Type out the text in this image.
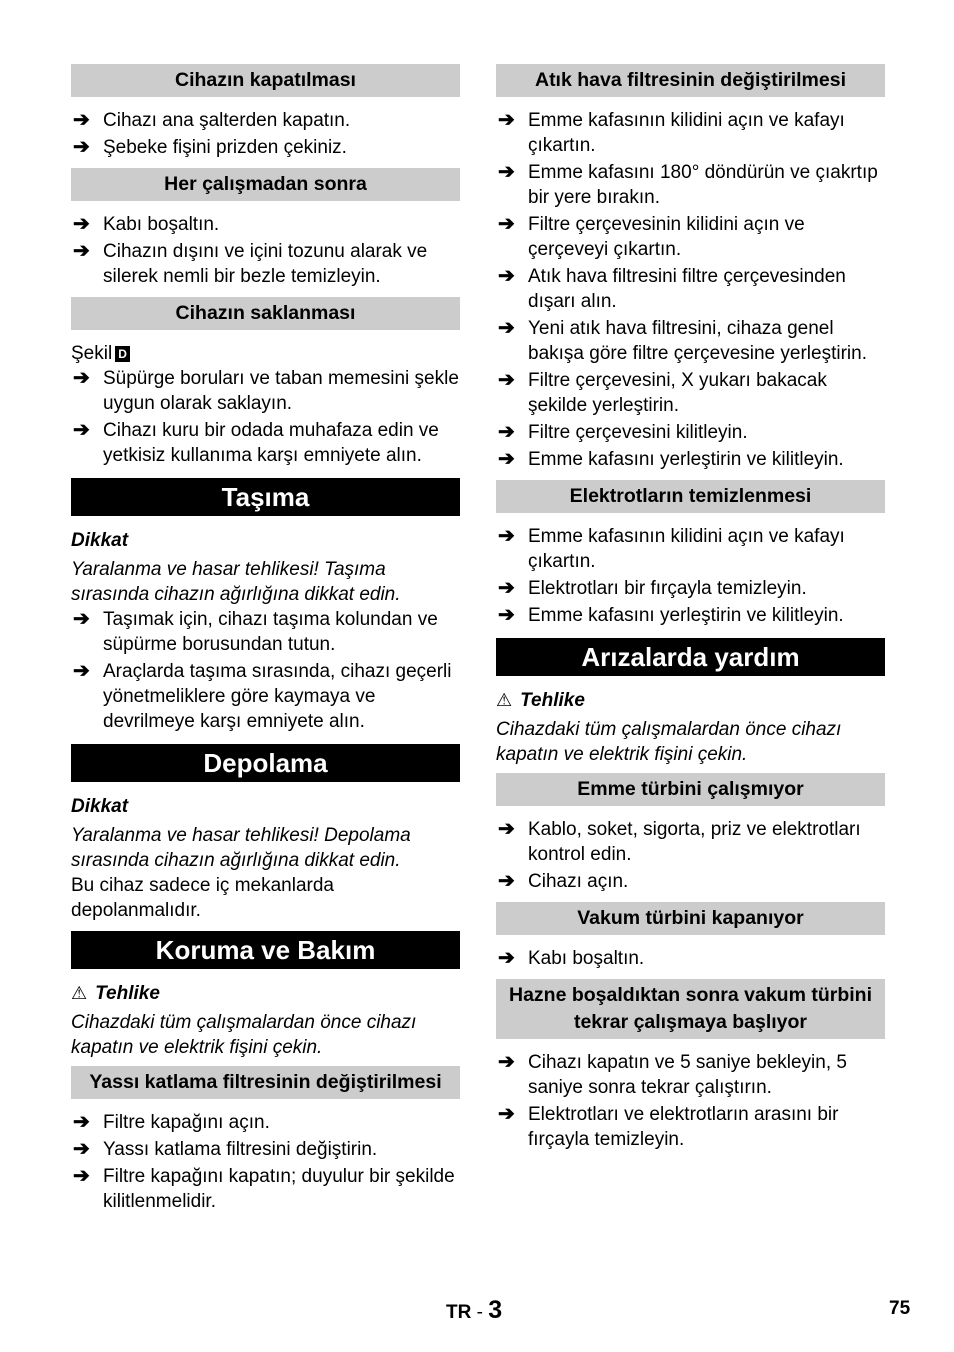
Cihazın kapatılması
➔ Cihazı ana şalterden kapatın.
➔ Şebeke fişini prizden çekiniz.
Her çalışmadan sonra
➔ Kabı boşaltın.
➔ Cihazın dışını ve içini tozunu alarak ve silerek nemli bir bezle temizleyin.
Cihazın saklanması
Şekil D
➔ Süpürge boruları ve taban memesini şekle uygun olarak saklayın.
➔ Cihazı kuru bir odada muhafaza edin ve yetkisiz kullanıma karşı emniyete alın.
Taşıma
Dikkat
Yaralanma ve hasar tehlikesi! Taşıma sırasında cihazın ağırlığına dikkat edin.
➔ Taşımak için, cihazı taşıma kolundan ve süpürme borusundan tutun.
➔ Araçlarda taşıma sırasında, cihazı geçerli yönetmeliklere göre kaymaya ve devrilmeye karşı emniyete alın.
Depolama
Dikkat
Yaralanma ve hasar tehlikesi! Depolama sırasında cihazın ağırlığına dikkat edin.
Bu cihaz sadece iç mekanlarda depolanmalıdır.
Koruma ve Bakım
⚠ Tehlike
Cihazdaki tüm çalışmalardan önce cihazı kapatın ve elektrik fişini çekin.
Yassı katlama filtresinin değiştirilmesi
➔ Filtre kapağını açın.
➔ Yassı katlama filtresini değiştirin.
➔ Filtre kapağını kapatın; duyulur bir şekilde kilitlenmelidir.
Atık hava filtresinin değiştirilmesi
➔ Emme kafasının kilidini açın ve kafayı çıkartın.
➔ Emme kafasını 180° döndürün ve çıakrtıp bir yere bırakın.
➔ Filtre çerçevesinin kilidini açın ve çerçeveyi çıkartın.
➔ Atık hava filtresini filtre çerçevesinden dışarı alın.
➔ Yeni atık hava filtresini, cihaza genel bakışa göre filtre çerçevesine yerleştirin.
➔ Filtre çerçevesini, X yukarı bakacak şekilde yerleştirin.
➔ Filtre çerçevesini kilitleyin.
➔ Emme kafasını yerleştirin ve kilitleyin.
Elektrotların temizlenmesi
➔ Emme kafasının kilidini açın ve kafayı çıkartın.
➔ Elektrotları bir fırçayla temizleyin.
➔ Emme kafasını yerleştirin ve kilitleyin.
Arızalarda yardım
⚠ Tehlike
Cihazdaki tüm çalışmalardan önce cihazı kapatın ve elektrik fişini çekin.
Emme türbini çalışmıyor
➔ Kablo, soket, sigorta, priz ve elektrotları kontrol edin.
➔ Cihazı açın.
Vakum türbini kapanıyor
➔ Kabı boşaltın.
Hazne boşaldıktan sonra vakum türbini tekrar çalışmaya başlıyor
➔ Cihazı kapatın ve 5 saniye bekleyin, 5 saniye sonra tekrar çalıştırın.
➔ Elektrotları ve elektrotların arasını bir fırçayla temizleyin.
TR - 3	75
